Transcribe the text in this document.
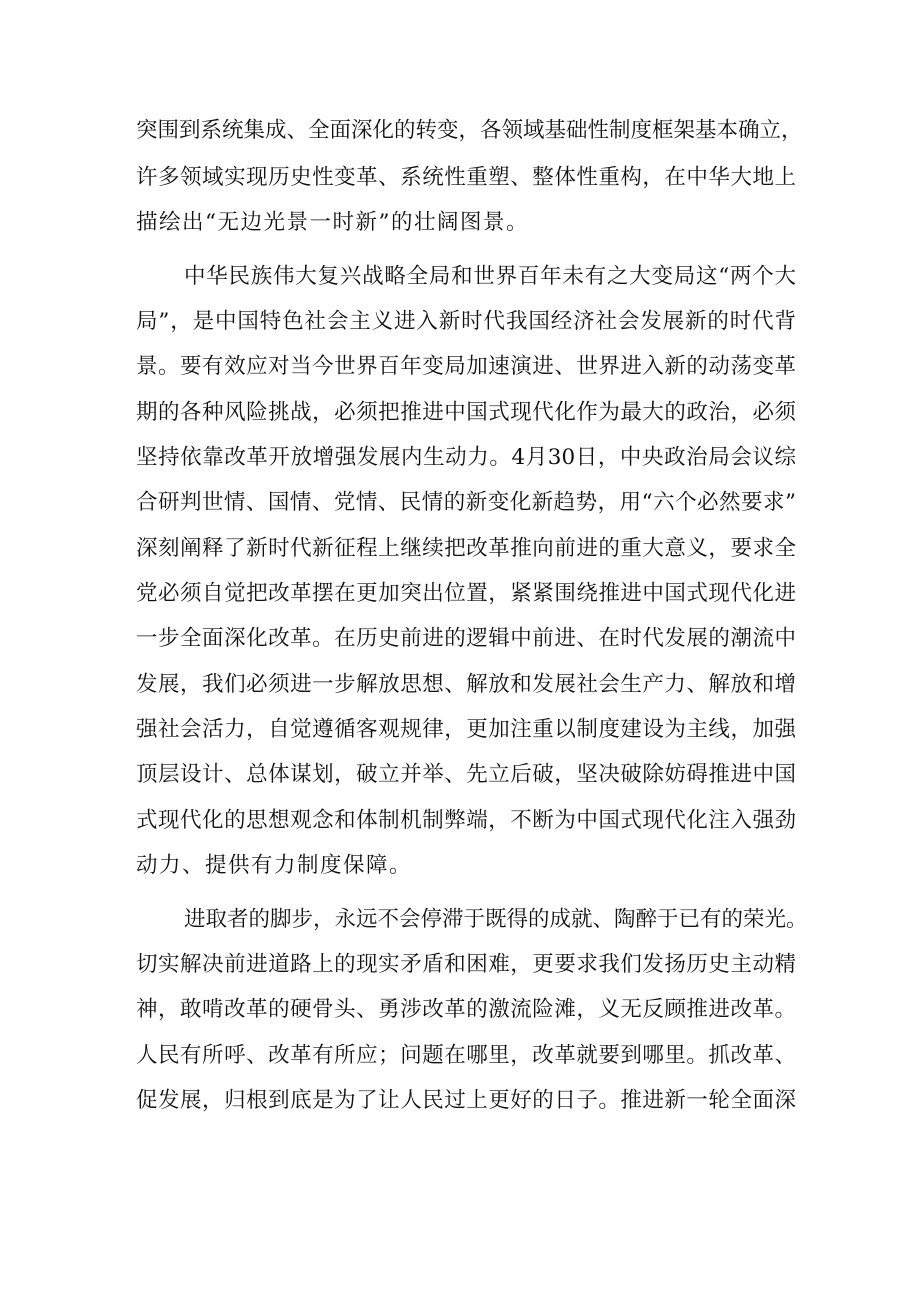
突围到系统集成、全面深化的转变，各领域基础性制度框架基本确立，
许多领域实现历史性变革、系统性重塑、整体性重构，在中华大地上
描绘出“无边光景一时新”的壮阔图景。
中华民族伟大复兴战略全局和世界百年未有之大变局这“两个大
局”，是中国特色社会主义进入新时代我国经济社会发展新的时代背
景。要有效应对当今世界百年变局加速演进、世界进入新的动荡变革
期的各种风险挑战，必须把推进中国式现代化作为最大的政治，必须
坚持依靠改革开放增强发展内生动力。4月30日，中央政治局会议综
合研判世情、国情、党情、民情的新变化新趋势，用“六个必然要求”
深刻阐释了新时代新征程上继续把改革推向前进的重大意义，要求全
党必须自觉把改革摆在更加突出位置，紧紧围绕推进中国式现代化进
一步全面深化改革。在历史前进的逻辑中前进、在时代发展的潮流中
发展，我们必须进一步解放思想、解放和发展社会生产力、解放和增
强社会活力，自觉遵循客观规律，更加注重以制度建设为主线，加强
顶层设计、总体谋划，破立并举、先立后破，坚决破除妨碍推进中国
式现代化的思想观念和体制机制弊端，不断为中国式现代化注入强劲
动力、提供有力制度保障。
进取者的脚步，永远不会停滞于既得的成就、陶醉于已有的荣光。
切实解决前进道路上的现实矛盾和困难，更要求我们发扬历史主动精
神，敢啃改革的硬骨头、勇涉改革的激流险滩，义无反顾推进改革。
人民有所呼、改革有所应；问题在哪里，改革就要到哪里。抓改革、
促发展，归根到底是为了让人民过上更好的日子。推进新一轮全面深
